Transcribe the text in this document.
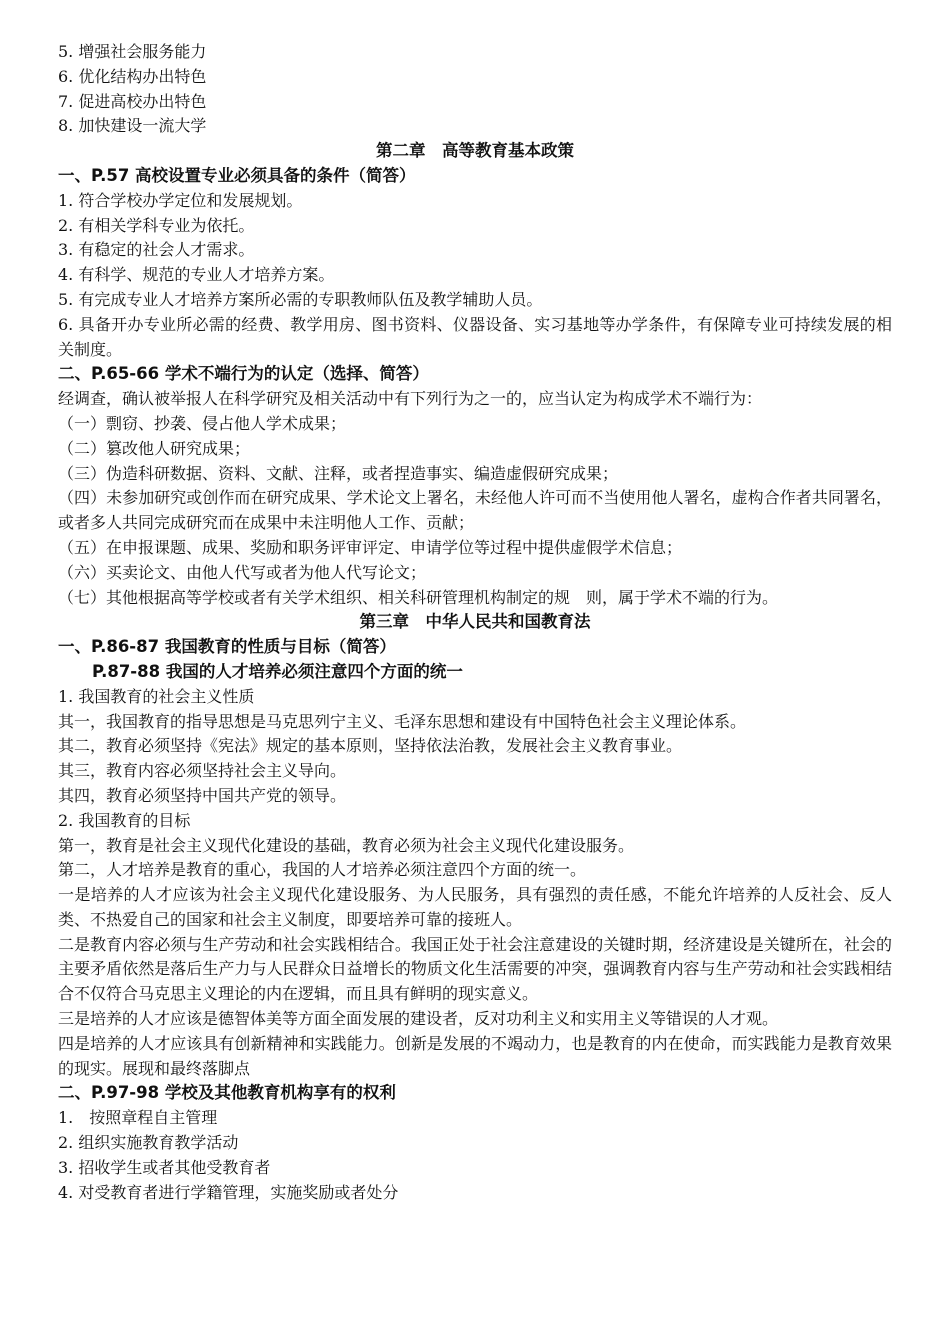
5. 增强社会服务能力
6. 优化结构办出特色
7. 促进高校办出特色
8. 加快建设一流大学
第二章　高等教育基本政策
一、P.57 高校设置专业必须具备的条件（简答）
1. 符合学校办学定位和发展规划。
2. 有相关学科专业为依托。
3. 有稳定的社会人才需求。
4. 有科学、规范的专业人才培养方案。
5. 有完成专业人才培养方案所必需的专职教师队伍及教学辅助人员。
6. 具备开办专业所必需的经费、教学用房、图书资料、仪器设备、实习基地等办学条件，有保障专业可持续发展的相关制度。
二、P.65-66 学术不端行为的认定（选择、简答）
经调查，确认被举报人在科学研究及相关活动中有下列行为之一的，应当认定为构成学术不端行为：
（一）剽窃、抄袭、侵占他人学术成果；
（二）篡改他人研究成果；
（三）伪造科研数据、资料、文献、注释，或者捏造事实、编造虚假研究成果；
（四）未参加研究或创作而在研究成果、学术论文上署名，未经他人许可而不当使用他人署名，虚构合作者共同署名，或者多人共同完成研究而在成果中未注明他人工作、贡献；
（五）在申报课题、成果、奖励和职务评审评定、申请学位等过程中提供虚假学术信息；
（六）买卖论文、由他人代写或者为他人代写论文；
（七）其他根据高等学校或者有关学术组织、相关科研管理机构制定的规　则，属于学术不端的行为。
第三章　中华人民共和国教育法
一、P.86-87 我国教育的性质与目标（简答）
P.87-88 我国的人才培养必须注意四个方面的统一
1. 我国教育的社会主义性质
其一，我国教育的指导思想是马克思列宁主义、毛泽东思想和建设有中国特色社会主义理论体系。
其二，教育必须坚持《宪法》规定的基本原则，坚持依法治教，发展社会主义教育事业。
其三，教育内容必须坚持社会主义导向。
其四，教育必须坚持中国共产党的领导。
2. 我国教育的目标
第一，教育是社会主义现代化建设的基础，教育必须为社会主义现代化建设服务。
第二，人才培养是教育的重心，我国的人才培养必须注意四个方面的统一。
一是培养的人才应该为社会主义现代化建设服务、为人民服务，具有强烈的责任感，不能允许培养的人反社会、反人类、不热爱自己的国家和社会主义制度，即要培养可靠的接班人。
二是教育内容必须与生产劳动和社会实践相结合。我国正处于社会注意建设的关键时期，经济建设是关键所在，社会的主要矛盾依然是落后生产力与人民群众日益增长的物质文化生活需要的冲突，强调教育内容与生产劳动和社会实践相结合不仅符合马克思主义理论的内在逻辑，而且具有鲜明的现实意义。
三是培养的人才应该是德智体美等方面全面发展的建设者，反对功利主义和实用主义等错误的人才观。
四是培养的人才应该具有创新精神和实践能力。创新是发展的不竭动力，也是教育的内在使命，而实践能力是教育效果的现实。展现和最终落脚点
二、P.97-98 学校及其他教育机构享有的权利
1.　按照章程自主管理
2. 组织实施教育教学活动
3. 招收学生或者其他受教育者
4. 对受教育者进行学籍管理，实施奖励或者处分
